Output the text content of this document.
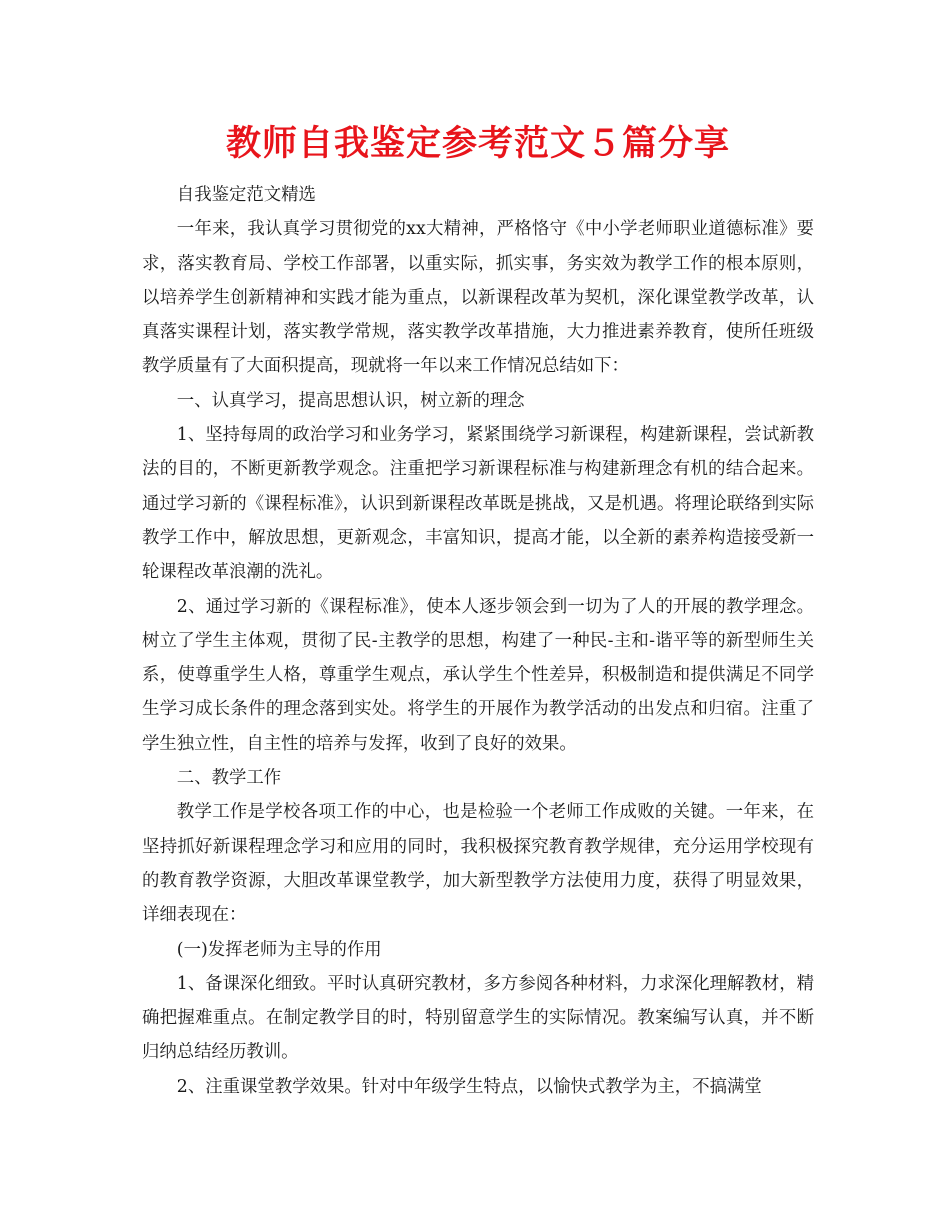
教师自我鉴定参考范文５篇分享

自我鉴定范文精选

一年来，我认真学习贯彻党的xx大精神，严格恪守《中小学老师职业道德标准》要求，落实教育局、学校工作部署，以重实际，抓实事，务实效为教学工作的根本原则，以培养学生创新精神和实践才能为重点，以新课程改革为契机，深化课堂教学改革，认真落实课程计划，落实教学常规，落实教学改革措施，大力推进素养教育，使所任班级教学质量有了大面积提高，现就将一年以来工作情况总结如下：

一、认真学习，提高思想认识，树立新的理念

1、坚持每周的政治学习和业务学习，紧紧围绕学习新课程，构建新课程，尝试新教法的目的，不断更新教学观念。注重把学习新课程标准与构建新理念有机的结合起来。通过学习新的《课程标准》，认识到新课程改革既是挑战，又是机遇。将理论联络到实际教学工作中，解放思想，更新观念，丰富知识，提高才能，以全新的素养构造接受新一轮课程改革浪潮的洗礼。

2、通过学习新的《课程标准》，使本人逐步领会到一切为了人的开展的教学理念。树立了学生主体观，贯彻了民-主教学的思想，构建了一种民-主和-谐平等的新型师生关系，使尊重学生人格，尊重学生观点，承认学生个性差异，积极制造和提供满足不同学生学习成长条件的理念落到实处。将学生的开展作为教学活动的出发点和归宿。注重了学生独立性，自主性的培养与发挥，收到了良好的效果。

二、教学工作

教学工作是学校各项工作的中心，也是检验一个老师工作成败的关键。一年来，在坚持抓好新课程理念学习和应用的同时，我积极探究教育教学规律，充分运用学校现有的教育教学资源，大胆改革课堂教学，加大新型教学方法使用力度，获得了明显效果，详细表现在：

(一)发挥老师为主导的作用

1、备课深化细致。平时认真研究教材，多方参阅各种材料，力求深化理解教材，精确把握难重点。在制定教学目的时，特别留意学生的实际情况。教案编写认真，并不断归纳总结经历教训。

2、注重课堂教学效果。针对中年级学生特点，以愉快式教学为主，不搞满堂
